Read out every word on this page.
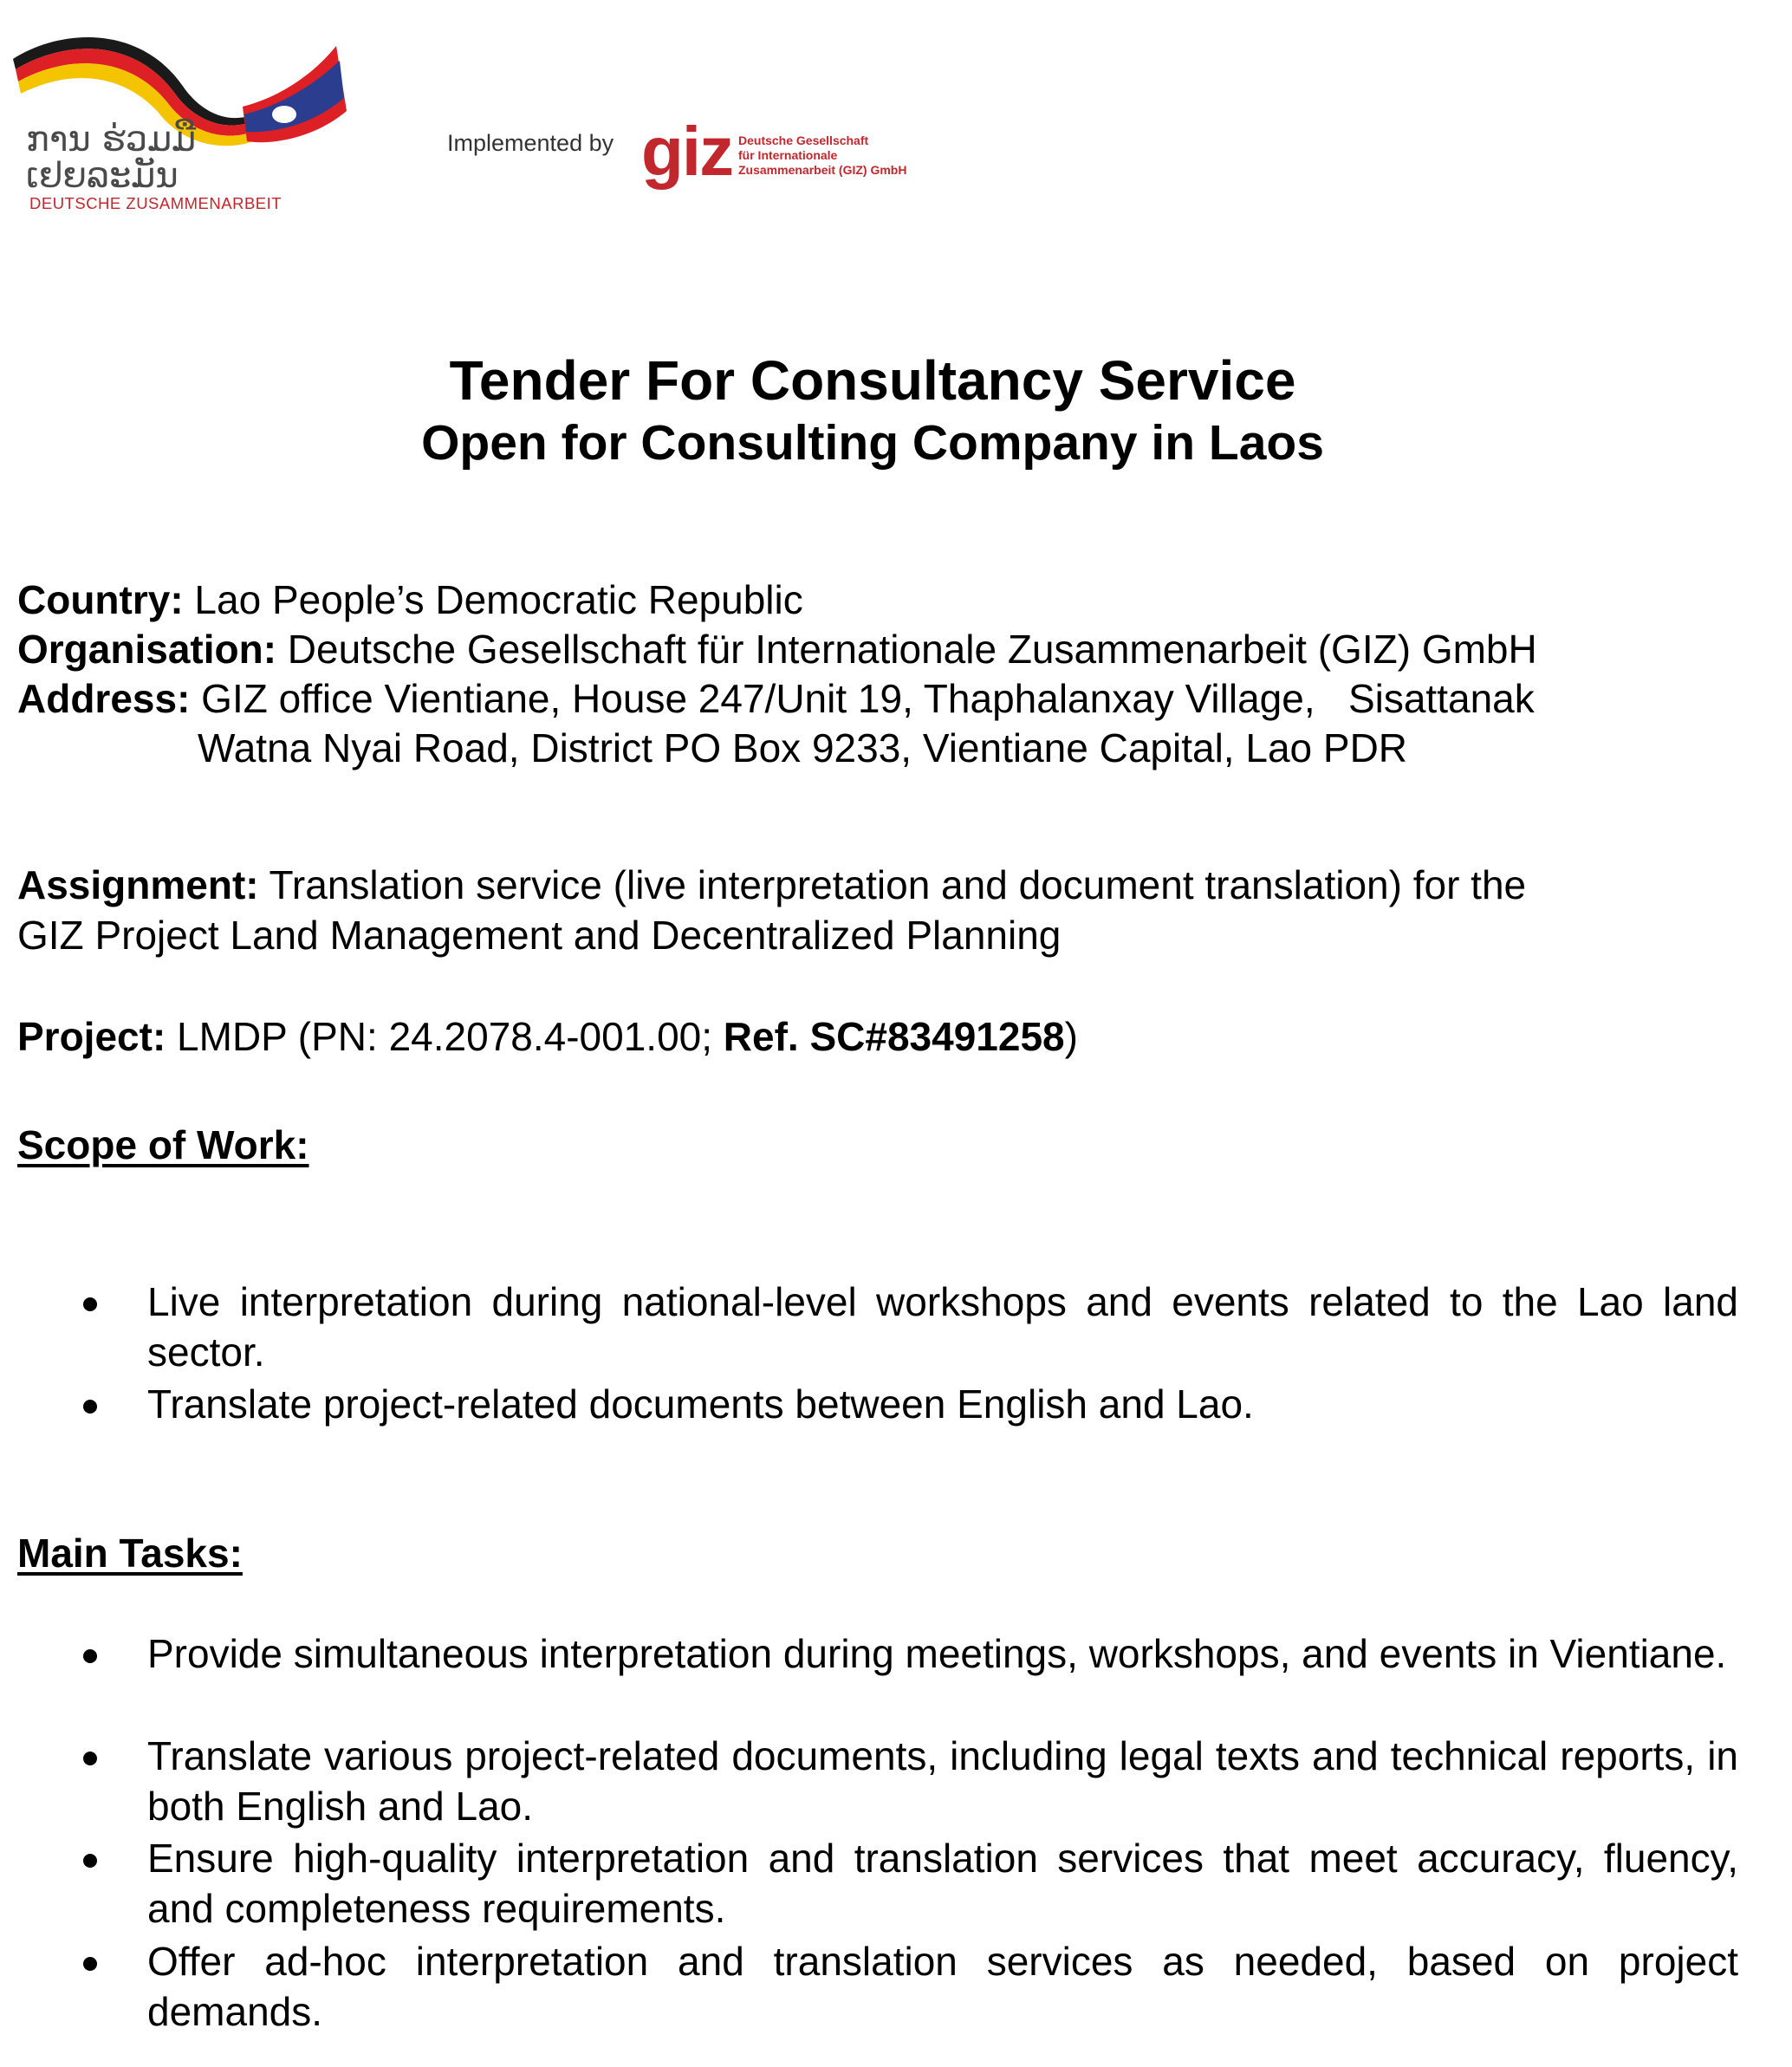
ການ ຮ່ວມມື
ເຢຍລະມັນ
DEUTSCHE ZUSAMMENARBEIT
Implemented by giz Deutsche Gesellschaft
für Internationale
Zusammenarbeit (GIZ) GmbH
Tender For Consultancy Service
Open for Consulting Company in Laos
Country: Lao People’s Democratic Republic
Organisation: Deutsche Gesellschaft für Internationale Zusammenarbeit (GIZ) GmbH
Address: GIZ office Vientiane, House 247/Unit 19, Thaphalanxay Village,   Sisattanak
Watna Nyai Road, District PO Box 9233, Vientiane Capital, Lao PDR
Assignment: Translation service (live interpretation and document translation) for the
GIZ Project Land Management and Decentralized Planning
Project: LMDP (PN: 24.2078.4-001.00; Ref. SC#83491258)
Scope of Work:
Live interpretation during national-level workshops and events related to the Lao land sector.
Translate project-related documents between English and Lao.
Main Tasks:
Provide simultaneous interpretation during meetings, workshops, and events in Vientiane.
Translate various project-related documents, including legal texts and technical reports, in both English and Lao.
Ensure high-quality interpretation and translation services that meet accuracy, fluency, and completeness requirements.
Offer ad-hoc interpretation and translation services as needed, based on project demands.
